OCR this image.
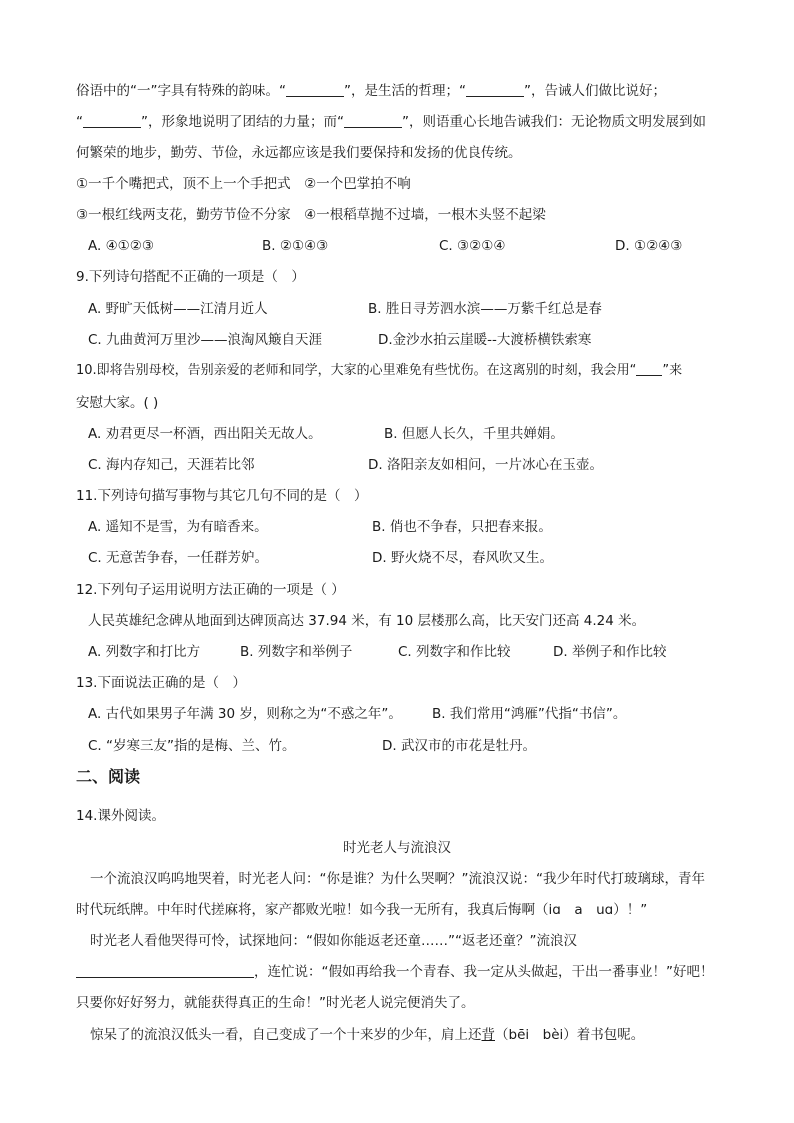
俗语中的“一”字具有特殊的韵味。“	”，是生活的哲理；“	”，告诫人们做比说好；
“	”，形象地说明了团结的力量；而“	”，则语重心长地告诫我们：无论物质文明发展到如
何繁荣的地步，勤劳、节俭，永远都应该是我们要保持和发扬的优良传统。
①一千个嘴把式，顶不上一个手把式　②一个巴掌拍不响
③一根红线两支花，勤劳节俭不分家　④一根稻草抛不过墙，一根木头竖不起梁
A. ④①②③	B. ②①④③	C. ③②①④	D. ①②④③
9.下列诗句搭配不正确的一项是（　）
A. 野旷天低树——江清月近人	B. 胜日寻芳泗水滨——万紫千红总是春
C. 九曲黄河万里沙——浪淘风簸自天涯	D.金沙水拍云崖暖--大渡桥横铁索寒
10.即将告别母校，告别亲爱的老师和同学，大家的心里难免有些忧伤。在这离别的时刻，我会用“ ”来
安慰大家。( )
A. 劝君更尽一杯酒，西出阳关无故人。	B. 但愿人长久，千里共婵娟。
C. 海内存知己，天涯若比邻	D. 洛阳亲友如相问，一片冰心在玉壶。
11.下列诗句描写事物与其它几句不同的是（　）
A. 遥知不是雪，为有暗香来。	B. 俏也不争春，只把春来报。
C. 无意苦争春，一任群芳妒。	D. 野火烧不尽，春风吹又生。
12.下列句子运用说明方法正确的一项是（ ）
人民英雄纪念碑从地面到达碑顶高达 37.94 米，有 10 层楼那么高，比天安门还高 4.24 米。
A. 列数字和打比方	B. 列数字和举例子	C. 列数字和作比较	D. 举例子和作比较
13.下面说法正确的是（　）
A. 古代如果男子年满 30 岁，则称之为“不惑之年”。 B. 我们常用“鸿雁”代指“书信”。
C. “岁寒三友”指的是梅、兰、竹。	D. 武汉市的市花是牡丹。
二、阅读
14.课外阅读。
时光老人与流浪汉
一个流浪汉呜呜地哭着，时光老人问：“你是谁？为什么哭啊？”流浪汉说：“我少年时代打玻璃球，青年
时代玩纸牌。中年时代搓麻将，家产都败光啦！如今我一无所有，我真后悔啊（iɑ　a　uɑ）！”
时光老人看他哭得可怜，试探地问：“假如你能返老还童……”“返老还童？”流浪汉
，连忙说：“假如再给我一个青春、我一定从头做起，干出一番事业！”好吧！
只要你好好努力，就能获得真正的生命！”时光老人说完便消失了。
惊呆了的流浪汉低头一看，自己变成了一个十来岁的少年，肩上还背（bēi　bèi）着书包呢。
